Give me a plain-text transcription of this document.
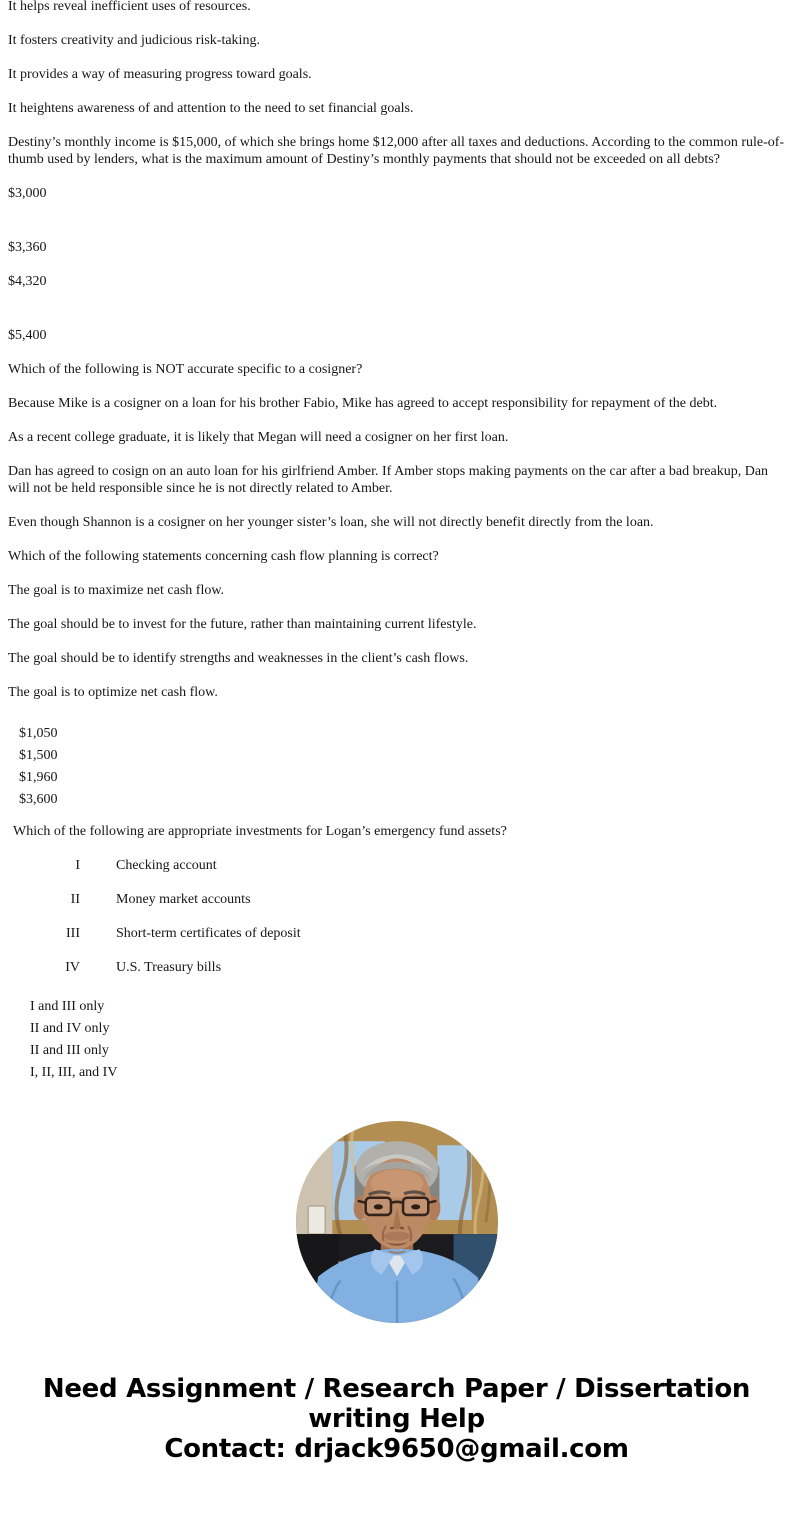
It helps reveal inefficient uses of resources.

It fosters creativity and judicious risk-taking.

It provides a way of measuring progress toward goals.

It heightens awareness of and attention to the need to set financial goals.

Destiny’s monthly income is $15,000, of which she brings home $12,000 after all taxes and deductions. According to the common rule-of-thumb used by lenders, what is the maximum amount of Destiny’s monthly payments that should not be exceeded on all debts?

$3,000

$3,360

$4,320

$5,400

Which of the following is NOT accurate specific to a cosigner?

Because Mike is a cosigner on a loan for his brother Fabio, Mike has agreed to accept responsibility for repayment of the debt.

As a recent college graduate, it is likely that Megan will need a cosigner on her first loan.

Dan has agreed to cosign on an auto loan for his girlfriend Amber. If Amber stops making payments on the car after a bad breakup, Dan will not be held responsible since he is not directly related to Amber.

Even though Shannon is a cosigner on her younger sister’s loan, she will not directly benefit directly from the loan.

Which of the following statements concerning cash flow planning is correct?

The goal is to maximize net cash flow.

The goal should be to invest for the future, rather than maintaining current lifestyle.

The goal should be to identify strengths and weaknesses in the client’s cash flows.

The goal is to optimize net cash flow.

$1,050

$1,500

$1,960

$3,600

Which of the following are appropriate investments for Logan’s emergency fund assets?

I	Checking account
II	Money market accounts
III	Short-term certificates of deposit
IV	U.S. Treasury bills

I and III only

II and IV only

II and III only

I, II, III, and IV

Need Assignment / Research Paper / Dissertation
writing Help
Contact: drjack9650@gmail.com
